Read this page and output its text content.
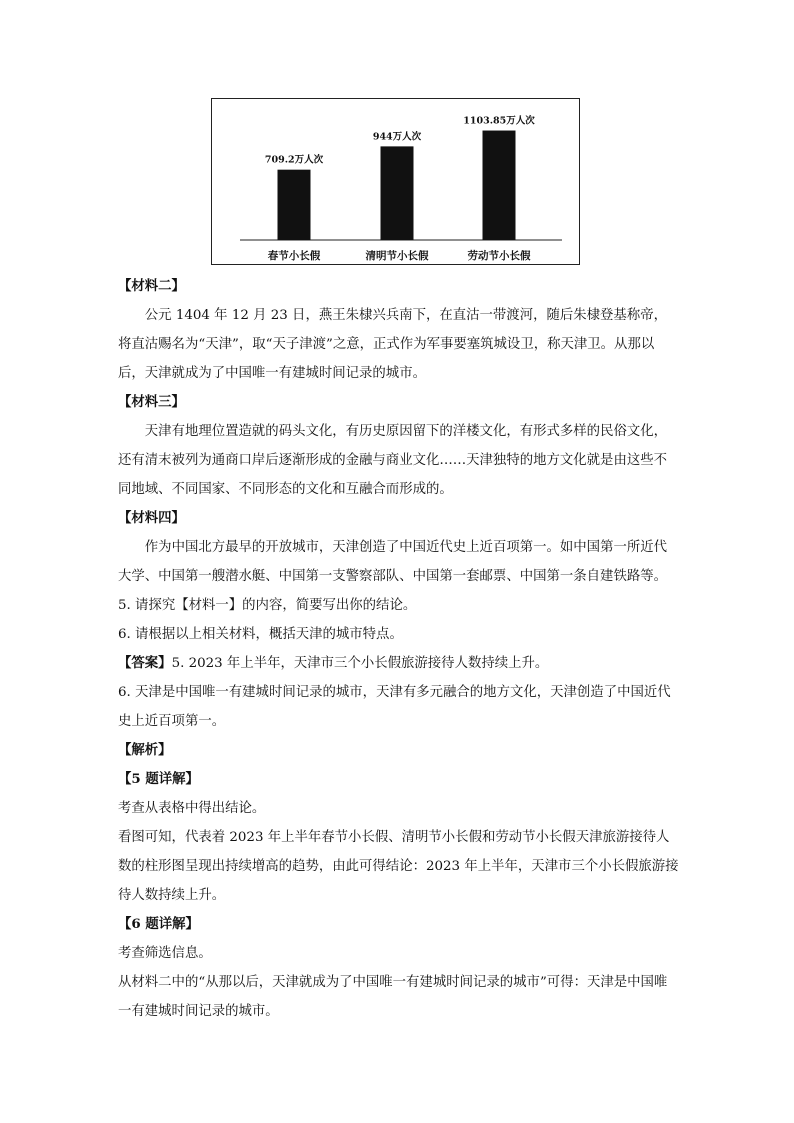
709.2万人次
春节小长假
944万人次
清明节小长假
1103.85万人次
劳动节小长假

【材料二】

公元 1404 年 12 月 23 日，燕王朱棣兴兵南下，在直沽一带渡河，随后朱棣登基称帝，将直沽赐名为“天津”，取“天子津渡”之意，正式作为军事要塞筑城设卫，称天津卫。从那以后，天津就成为了中国唯一有建城时间记录的城市。

【材料三】

天津有地理位置造就的码头文化，有历史原因留下的洋楼文化，有形式多样的民俗文化，还有清末被列为通商口岸后逐渐形成的金融与商业文化……天津独特的地方文化就是由这些不同地域、不同国家、不同形态的文化和互融合而形成的。

【材料四】

作为中国北方最早的开放城市，天津创造了中国近代史上近百项第一。如中国第一所近代大学、中国第一艘潜水艇、中国第一支警察部队、中国第一套邮票、中国第一条自建铁路等。

5. 请探究【材料一】的内容，简要写出你的结论。

6. 请根据以上相关材料，概括天津的城市特点。

【答案】5. 2023 年上半年，天津市三个小长假旅游接待人数持续上升。

6. 天津是中国唯一有建城时间记录的城市，天津有多元融合的地方文化，天津创造了中国近代史上近百项第一。

【解析】

【5 题详解】

考查从表格中得出结论。

看图可知，代表着 2023 年上半年春节小长假、清明节小长假和劳动节小长假天津旅游接待人数的柱形图呈现出持续增高的趋势，由此可得结论：2023 年上半年，天津市三个小长假旅游接待人数持续上升。

【6 题详解】

考查筛选信息。

从材料二中的“从那以后，天津就成为了中国唯一有建城时间记录的城市”可得：天津是中国唯一有建城时间记录的城市。
